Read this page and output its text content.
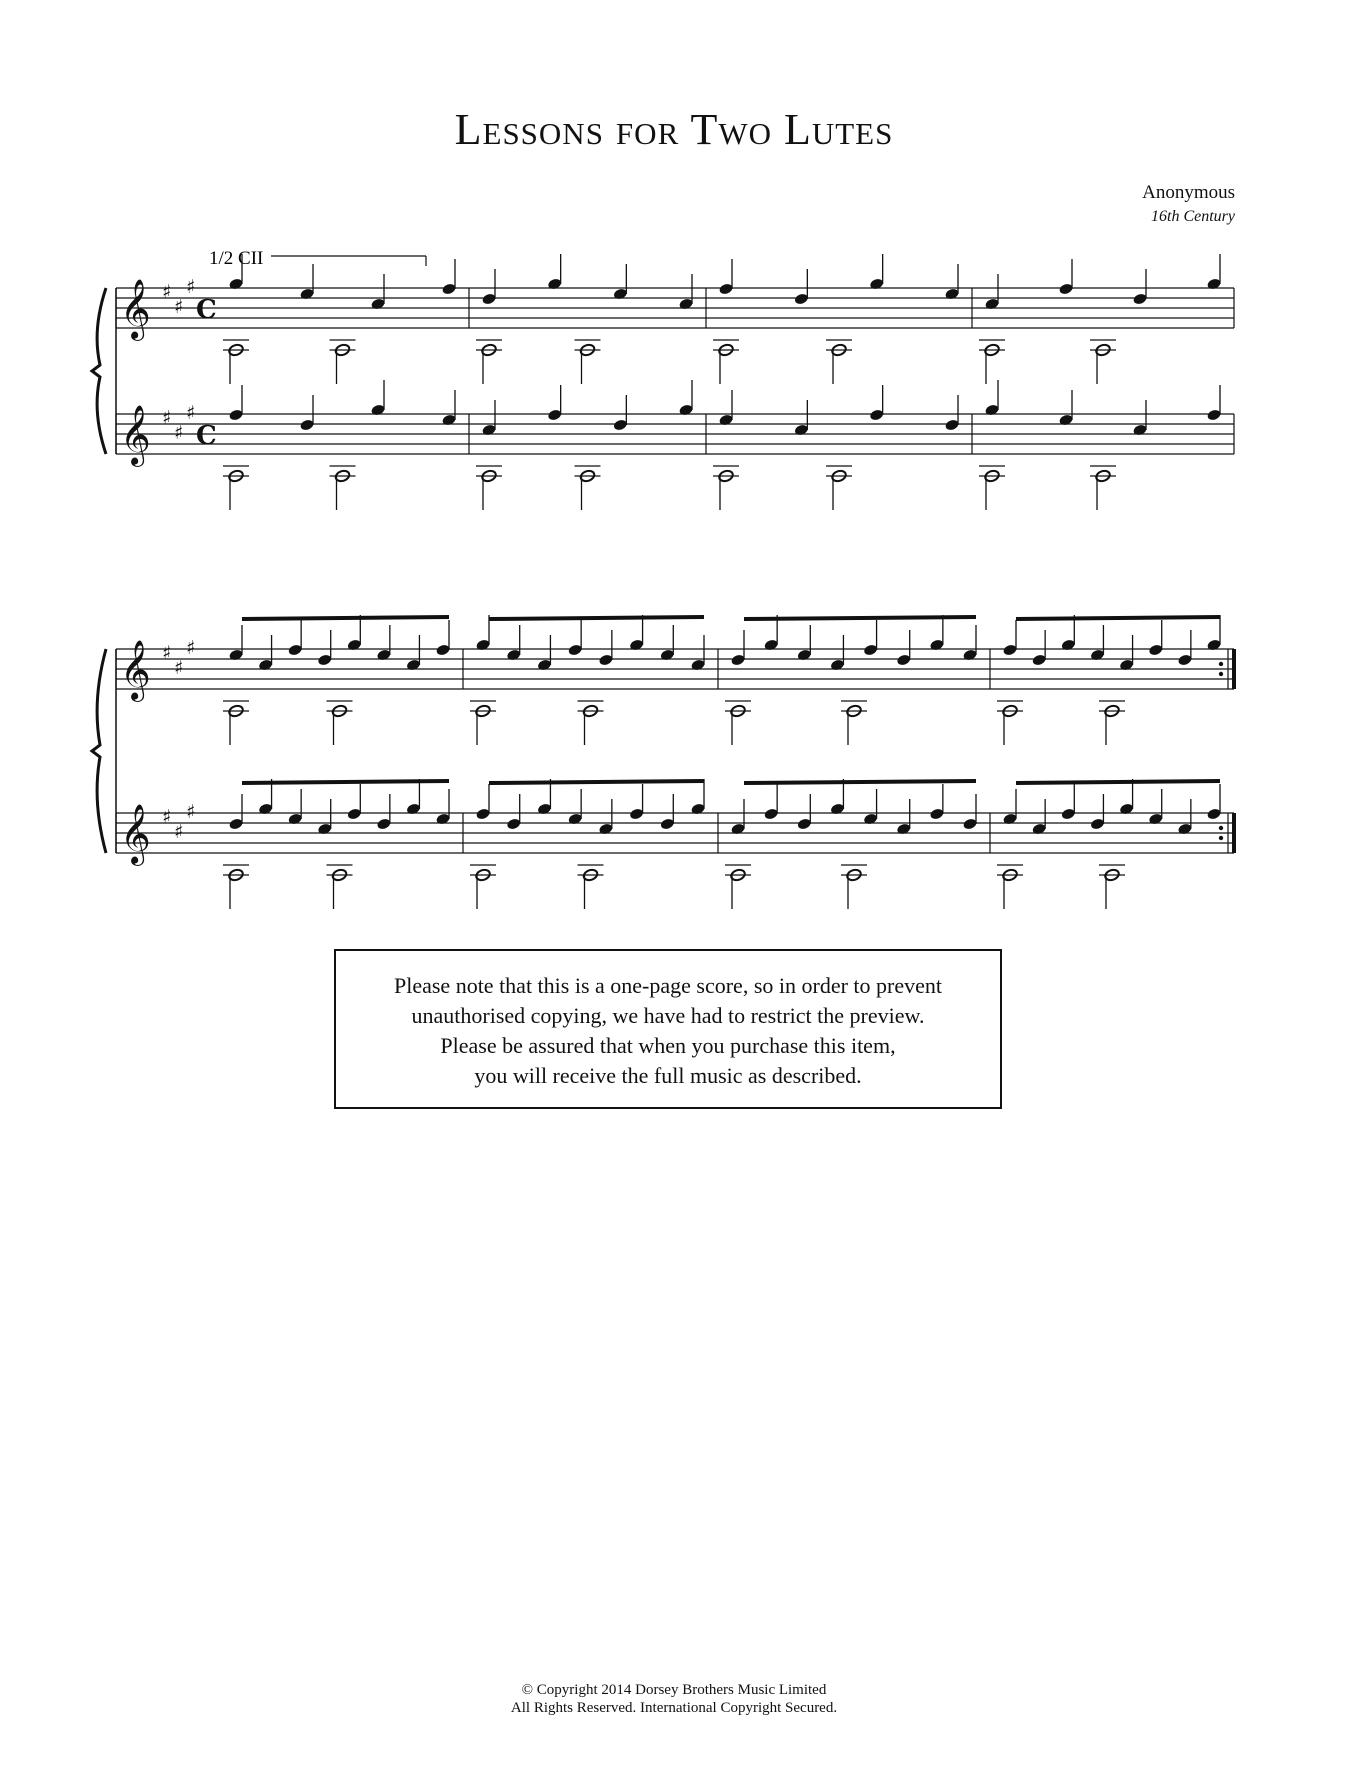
Lessons for Two Lutes
Anonymous
16th Century
1/2 CII
𝄞 ♯
♯
♯
C
𝄞 ♯
♯
♯
C
𝄞 ♯
♯
♯
𝄞 ♯
♯
♯
Please note that this is a one-page score, so in order to prevent
unauthorised copying, we have had to restrict the preview.
Please be assured that when you purchase this item,
you will receive the full music as described.
© Copyright 2014 Dorsey Brothers Music Limited
All Rights Reserved. International Copyright Secured.
